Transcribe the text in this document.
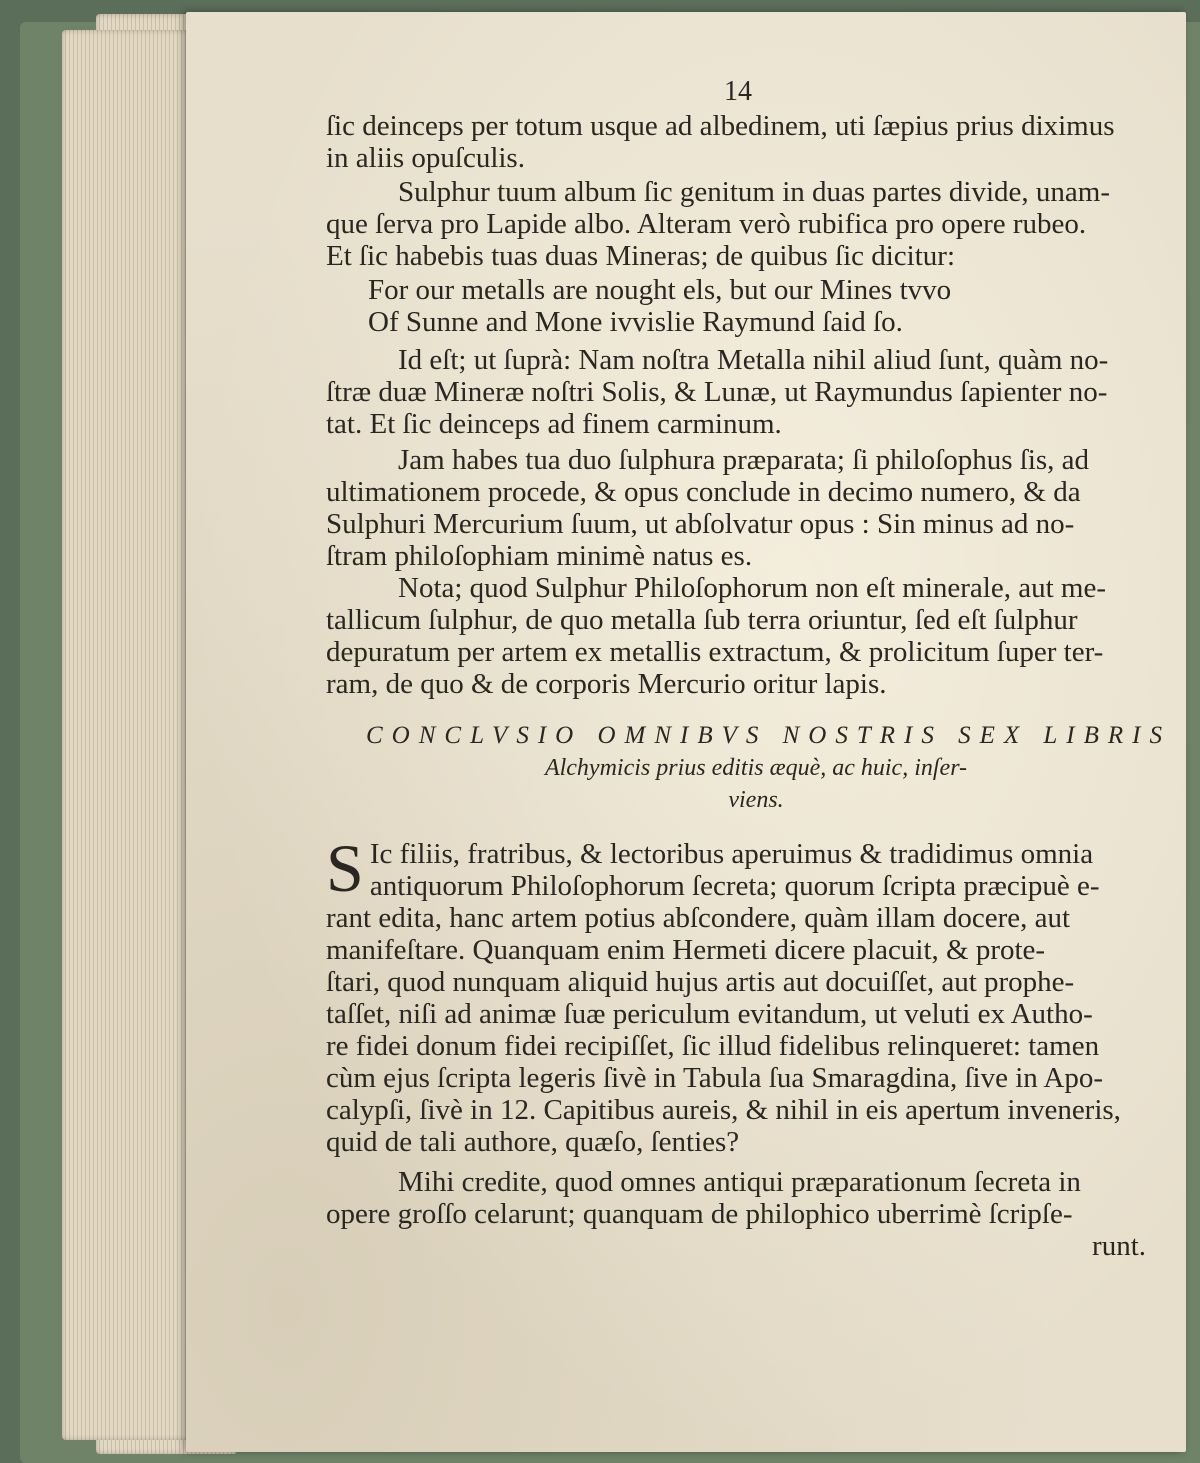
14
ſic deinceps per totum usque ad albedinem, uti ſæpius prius diximus
in aliis opuſculis.
Sulphur tuum album ſic genitum in duas partes divide, unam-
que ſerva pro Lapide albo. Alteram verò rubifica pro opere rubeo.
Et ſic habebis tuas duas Mineras; de quibus ſic dicitur:
For our metalls are nought els, but our Mines tvvo
Of Sunne and Mone ivvislie Raymund ſaid ſo.
Id eſt; ut ſuprà: Nam noſtra Metalla nihil aliud ſunt, quàm no-
ſtræ duæ Mineræ noſtri Solis, & Lunæ, ut Raymundus ſapienter no-
tat. Et ſic deinceps ad finem carminum.
Jam habes tua duo ſulphura præparata; ſi philoſophus ſis, ad
ultimationem procede, & opus conclude in decimo numero, & da
Sulphuri Mercurium ſuum, ut abſolvatur opus : Sin minus ad no-
ſtram philoſophiam minimè natus es.
Nota; quod Sulphur Philoſophorum non eſt minerale, aut me-
tallicum ſulphur, de quo metalla ſub terra oriuntur, ſed eſt ſulphur
depuratum per artem ex metallis extractum, & prolicitum ſuper ter-
ram, de quo & de corporis Mercurio oritur lapis.
CONCLVSIO OMNIBVS NOSTRIS SEX LIBRIS
Alchymicis prius editis æquè, ac huic, inſer-
viens.
S Ic filiis, fratribus, & lectoribus aperuimus & tradidimus omnia
antiquorum Philoſophorum ſecreta; quorum ſcripta præcipuè e-
rant edita, hanc artem potius abſcondere, quàm illam docere, aut
manifeſtare. Quanquam enim Hermeti dicere placuit, & prote-
ſtari, quod nunquam aliquid hujus artis aut docuiſſet, aut prophe-
taſſet, niſi ad animæ ſuæ periculum evitandum, ut veluti ex Autho-
re fidei donum fidei recipiſſet, ſic illud fidelibus relinqueret: tamen
cùm ejus ſcripta legeris ſivè in Tabula ſua Smaragdina, ſive in Apo-
calypſi, ſivè in 12. Capitibus aureis, & nihil in eis apertum inveneris,
quid de tali authore, quæſo, ſenties?
Mihi credite, quod omnes antiqui præparationum ſecreta in
opere groſſo celarunt; quanquam de philophico uberrimè ſcripſe-
runt.
